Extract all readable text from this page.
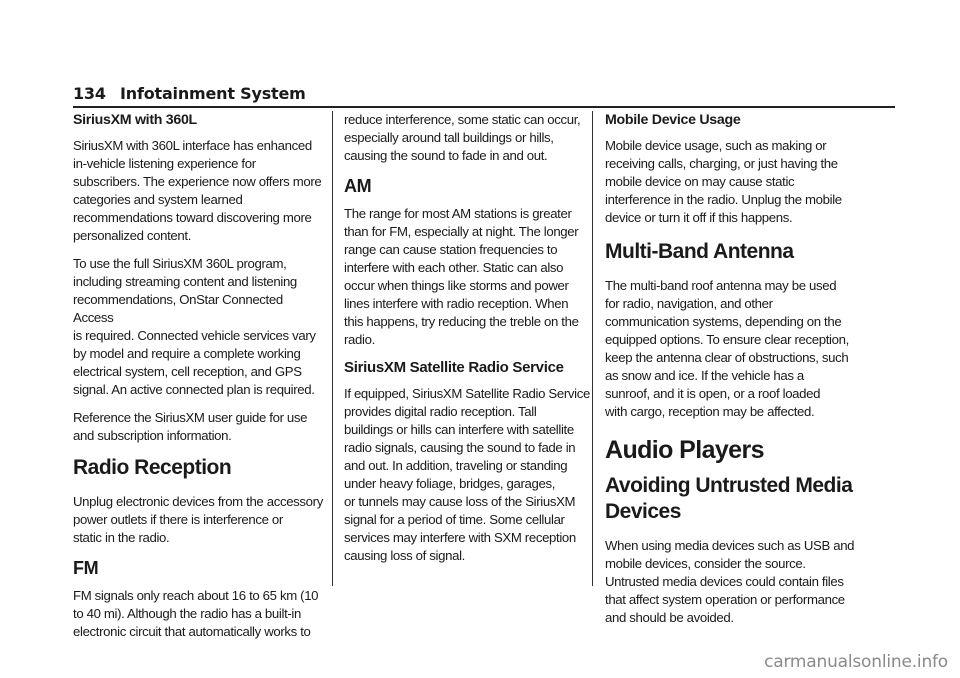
134 Infotainment System
SiriusXM with 360L

SiriusXM with 360L interface has enhanced
in-vehicle listening experience for
subscribers. The experience now offers more
categories and system learned
recommendations toward discovering more
personalized content.

To use the full SiriusXM 360L program,
including streaming content and listening
recommendations, OnStar Connected Access
is required. Connected vehicle services vary
by model and require a complete working
electrical system, cell reception, and GPS
signal. An active connected plan is required.

Reference the SiriusXM user guide for use
and subscription information.

Radio Reception

Unplug electronic devices from the accessory
power outlets if there is interference or
static in the radio.

FM

FM signals only reach about 16 to 65 km (10
to 40 mi). Although the radio has a built-in
electronic circuit that automatically works to

reduce interference, some static can occur,
especially around tall buildings or hills,
causing the sound to fade in and out.

AM

The range for most AM stations is greater
than for FM, especially at night. The longer
range can cause station frequencies to
interfere with each other. Static can also
occur when things like storms and power
lines interfere with radio reception. When
this happens, try reducing the treble on the
radio.

SiriusXM Satellite Radio Service

If equipped, SiriusXM Satellite Radio Service
provides digital radio reception. Tall
buildings or hills can interfere with satellite
radio signals, causing the sound to fade in
and out. In addition, traveling or standing
under heavy foliage, bridges, garages,
or tunnels may cause loss of the SiriusXM
signal for a period of time. Some cellular
services may interfere with SXM reception
causing loss of signal.

Mobile Device Usage

Mobile device usage, such as making or
receiving calls, charging, or just having the
mobile device on may cause static
interference in the radio. Unplug the mobile
device or turn it off if this happens.

Multi-Band Antenna

The multi-band roof antenna may be used
for radio, navigation, and other
communication systems, depending on the
equipped options. To ensure clear reception,
keep the antenna clear of obstructions, such
as snow and ice. If the vehicle has a
sunroof, and it is open, or a roof loaded
with cargo, reception may be affected.

Audio Players
Avoiding Untrusted Media Devices

When using media devices such as USB and
mobile devices, consider the source.
Untrusted media devices could contain files
that affect system operation or performance
and should be avoided.

carmanualsonline.info
